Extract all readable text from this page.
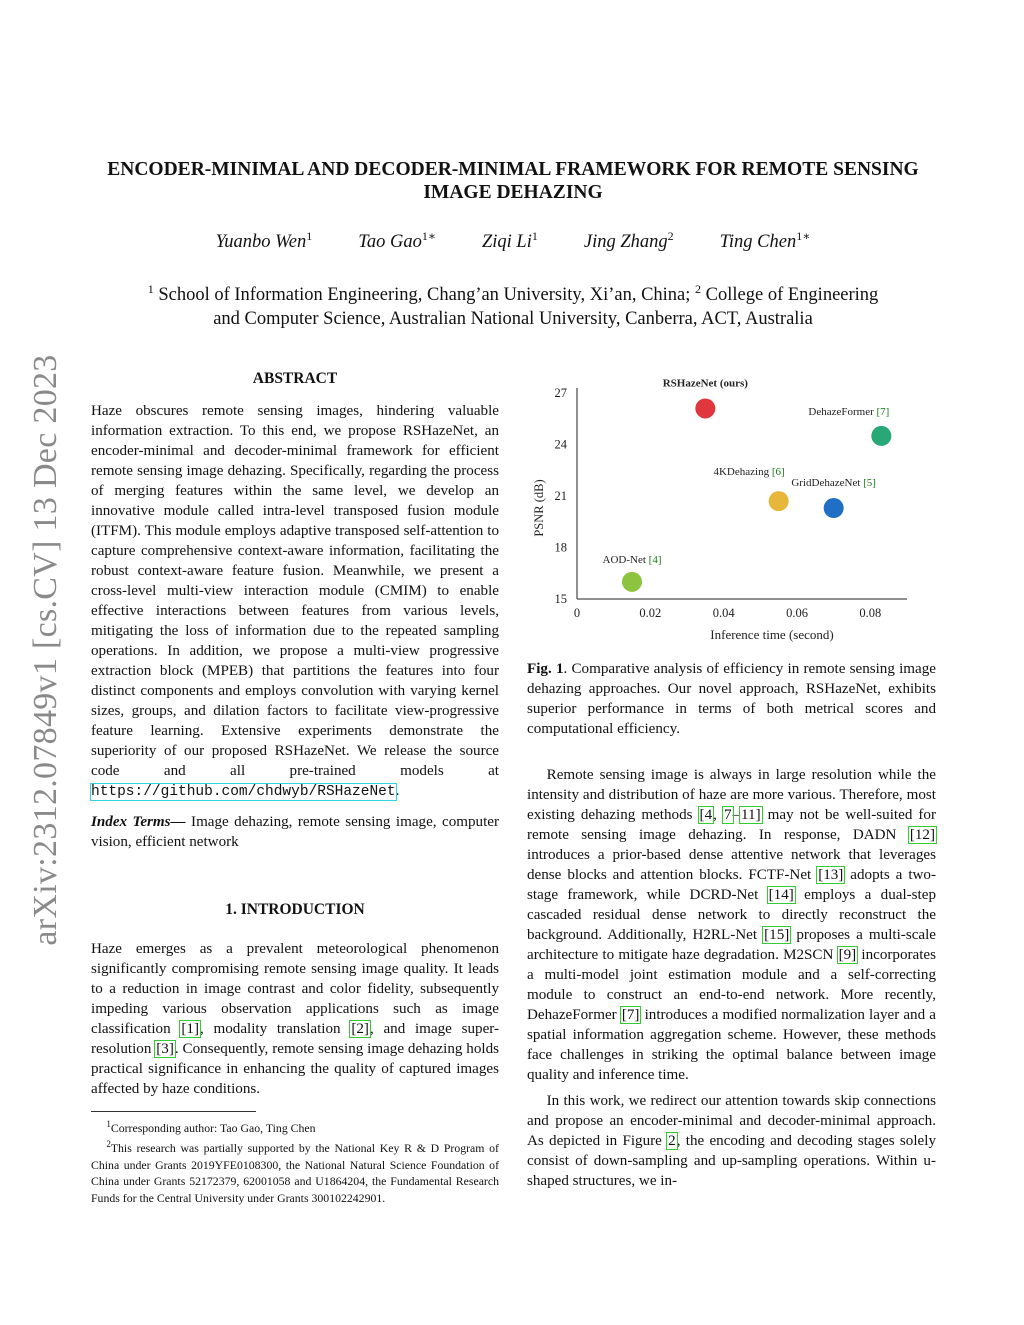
arXiv:2312.07849v1 [cs.CV] 13 Dec 2023
ENCODER-MINIMAL AND DECODER-MINIMAL FRAMEWORK FOR REMOTE SENSING
IMAGE DEHAZING
Yuanbo Wen$^1$ Tao Gao$^{1∗}$ Ziqi Li$^1$ Jing Zhang$^2$ Ting Chen$^{1∗}$
$^1$ School of Information Engineering, Chang’an University, Xi’an, China; $^2$ College of Engineering
and Computer Science, Australian National University, Canberra, ACT, Australia
ABSTRACT

Haze obscures remote sensing images, hindering valuable information extraction. To this end, we propose RSHazeNet, an encoder-minimal and decoder-minimal framework for efficient remote sensing image dehazing. Specifically, regarding the process of merging features within the same level, we develop an innovative module called intra-level transposed fusion module (ITFM). This module employs adaptive transposed self-attention to capture comprehensive context-aware information, facilitating the robust context-aware feature fusion. Meanwhile, we present a cross-level multi-view interaction module (CMIM) to enable effective interactions between features from various levels, mitigating the loss of information due to the repeated sampling operations. In addition, we propose a multi-view progressive extraction block (MPEB) that partitions the features into four distinct components and employs convolution with varying kernel sizes, groups, and dilation factors to facilitate view-progressive feature learning. Extensive experiments demonstrate the superiority of our proposed RSHazeNet. We release the source code and all pre-trained models at https://github.com/chdwyb/RSHazeNet.

Index Terms— Image dehazing, remote sensing image, computer vision, efficient network

1. INTRODUCTION

Haze emerges as a prevalent meteorological phenomenon significantly compromising remote sensing image quality. It leads to a reduction in image contrast and color fidelity, subsequently impeding various observation applications such as image classification [1], modality translation [2], and image super-resolution [3]. Consequently, remote sensing image dehazing holds practical significance in enhancing the quality of captured images affected by haze conditions.

$^1$Corresponding author: Tao Gao, Ting Chen
$^2$This research was partially supported by the National Key R & D Program of China under Grants 2019YFE0108300, the National Natural Science Foundation of China under Grants 52172379, 62001058 and U1864204, the Fundamental Research Funds for the Central University under Grants 300102242901.
15
18
21
24
27
0	0.02	0.04	0.06	0.08
Inference time (second)
PSNR (dB)
RSHazeNet (ours)
DehazeFormer [7]
4KDehazing [6]
GridDehazeNet [5]
AOD-Net [4]
Fig. 1. Comparative analysis of efficiency in remote sensing image dehazing approaches. Our novel approach, RSHazeNet, exhibits superior performance in terms of both metrical scores and computational efficiency.

Remote sensing image is always in large resolution while the intensity and distribution of haze are more various. Therefore, most existing dehazing methods [4, 7–11] may not be well-suited for remote sensing image dehazing. In response, DADN [12] introduces a prior-based dense attentive network that leverages dense blocks and attention blocks. FCTF-Net [13] adopts a two-stage framework, while DCRD-Net [14] employs a dual-step cascaded residual dense network to directly reconstruct the background. Additionally, H2RL-Net [15] proposes a multi-scale architecture to mitigate haze degradation. M2SCN [9] incorporates a multi-model joint estimation module and a self-correcting module to construct an end-to-end network. More recently, DehazeFormer [7] introduces a modified normalization layer and a spatial information aggregation scheme. However, these methods face challenges in striking the optimal balance between image quality and inference time.

In this work, we redirect our attention towards skip connections and propose an encoder-minimal and decoder-minimal approach. As depicted in Figure 2, the encoding and decoding stages solely consist of down-sampling and up-sampling operations. Within u-shaped structures, we in-
